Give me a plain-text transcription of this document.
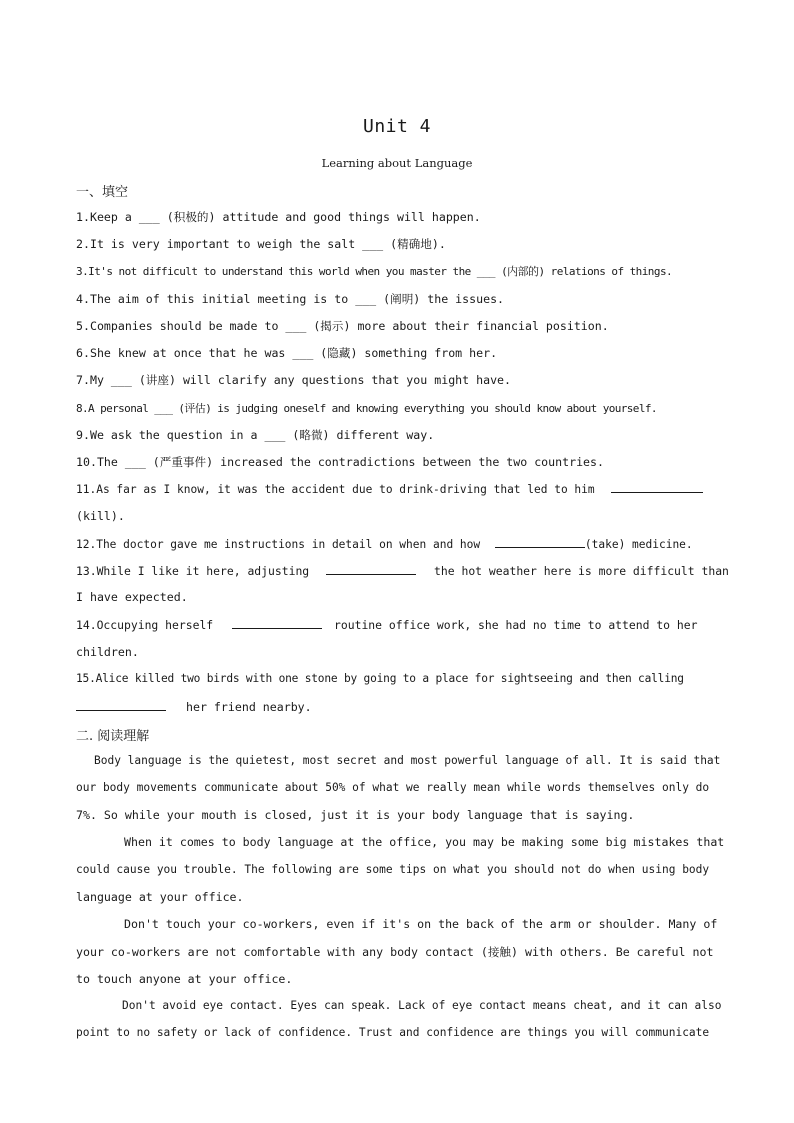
Unit 4
Learning about Language
一、填空
1.Keep a ___ (积极的) attitude and good things will happen.
2.It is very important to weigh the salt ___ (精确地).
3.It's not difficult to understand this world when you master the ___ (内部的) relations of things.
4.The aim of this initial meeting is to ___ (阐明) the issues.
5.Companies should be made to ___ (揭示) more about their financial position.
6.She knew at once that he was ___ (隐藏) something from her.
7.My ___ (讲座) will clarify any questions that you might have.
8.A personal ___ (评估) is judging oneself and knowing everything you should know about yourself.
9.We ask the question in a ___ (略微) different way.
10.The ___ (严重事件) increased the contradictions between the two countries.
11.As far as I know, it was the accident due to drink-driving that led to him
(kill).
12.The doctor gave me instructions in detail on when and how	(take) medicine.
13.While I like it here, adjusting	the hot weather here is more difficult than
I have expected.
14.Occupying herself	routine office work, she had no time to attend to her
children.
15.Alice killed two birds with one stone by going to a place for sightseeing and then calling
her friend nearby.
二. 阅读理解
Body language is the quietest, most secret and most powerful language of all. It is said that
our body movements communicate about 50% of what we really mean while words themselves only do
7%. So while your mouth is closed, just it is your body language that is saying.
When it comes to body language at the office, you may be making some big mistakes that
could cause you trouble. The following are some tips on what you should not do when using body
language at your office.
Don't touch your co-workers, even if it's on the back of the arm or shoulder. Many of
your co-workers are not comfortable with any body contact (接触) with others. Be careful not
to touch anyone at your office.
Don't avoid eye contact. Eyes can speak. Lack of eye contact means cheat, and it can also
point to no safety or lack of confidence. Trust and confidence are things you will communicate
